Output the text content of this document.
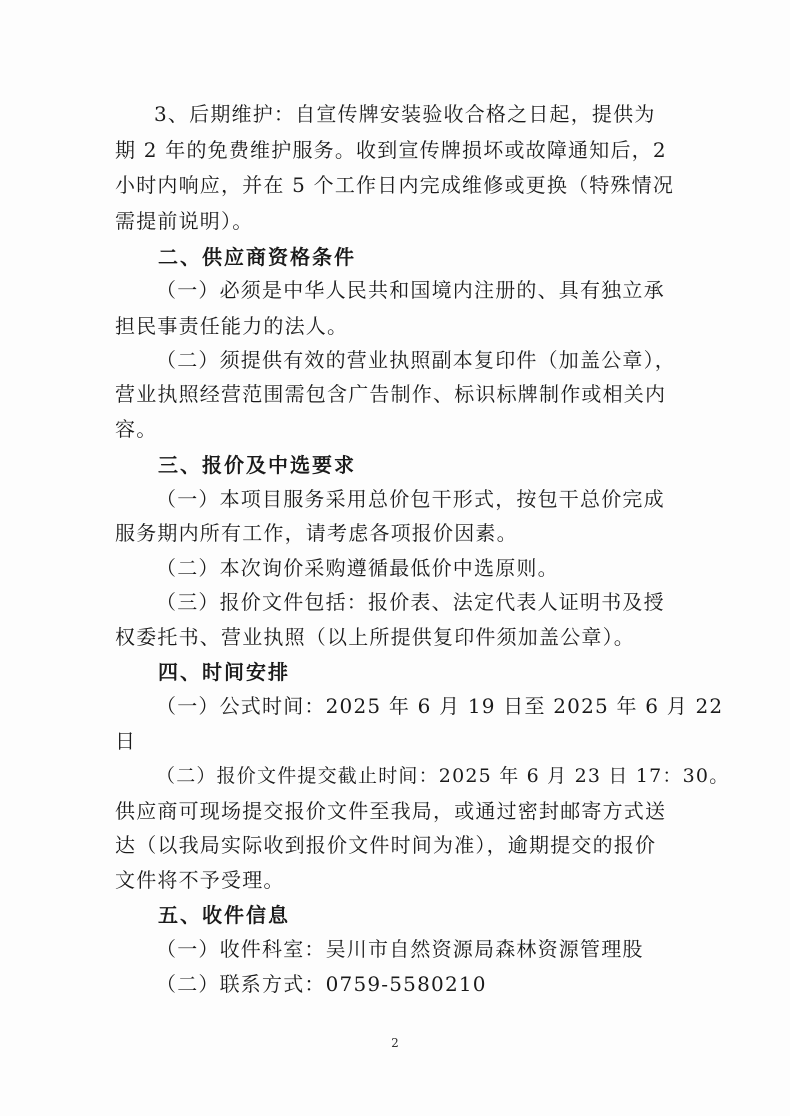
3、后期维护：自宣传牌安装验收合格之日起，提供为
期 2 年的免费维护服务。收到宣传牌损坏或故障通知后，2
小时内响应，并在 5 个工作日内完成维修或更换（特殊情况
需提前说明）。
二、供应商资格条件
（一）必须是中华人民共和国境内注册的、具有独立承
担民事责任能力的法人。
（二）须提供有效的营业执照副本复印件（加盖公章），
营业执照经营范围需包含广告制作、标识标牌制作或相关内
容。
三、报价及中选要求
（一）本项目服务采用总价包干形式，按包干总价完成
服务期内所有工作，请考虑各项报价因素。
（二）本次询价采购遵循最低价中选原则。
（三）报价文件包括：报价表、法定代表人证明书及授
权委托书、营业执照（以上所提供复印件须加盖公章）。
四、时间安排
（一）公式时间：2025 年 6 月 19 日至 2025 年 6 月 22
日
（二）报价文件提交截止时间：2025 年 6 月 23 日 17：30。
供应商可现场提交报价文件至我局，或通过密封邮寄方式送
达（以我局实际收到报价文件时间为准），逾期提交的报价
文件将不予受理。
五、收件信息
（一）收件科室：吴川市自然资源局森林资源管理股
（二）联系方式：0759-5580210
2
